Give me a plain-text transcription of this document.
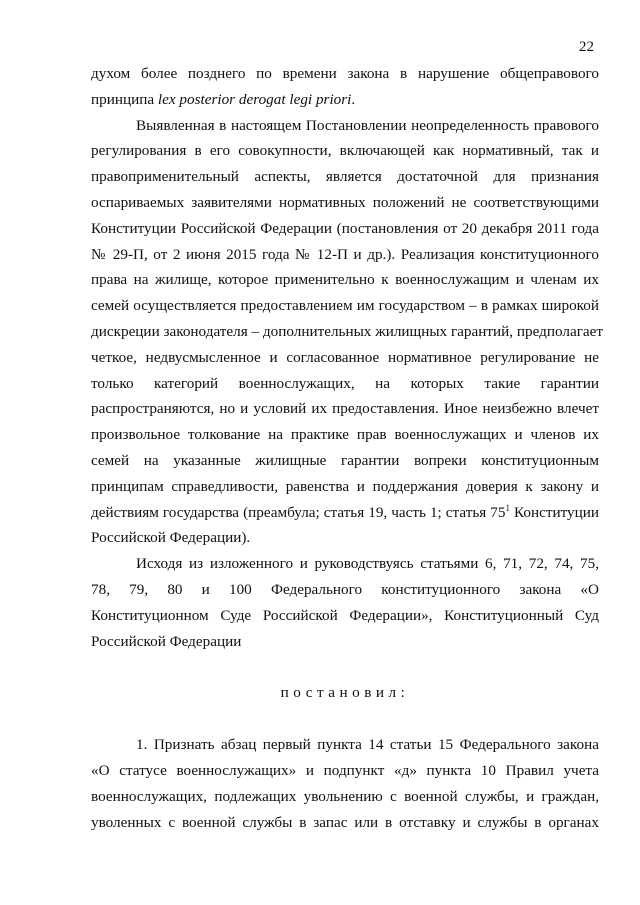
22
духом более позднего по времени закона в нарушение общеправового
принципа lex posterior derogat legi priori.
Выявленная в настоящем Постановлении неопределенность правового
регулирования в его совокупности, включающей как нормативный, так и
правоприменительный аспекты, является достаточной для признания
оспариваемых заявителями нормативных положений не соответствующими
Конституции Российской Федерации (постановления от 20 декабря 2011 года
№ 29-П, от 2 июня 2015 года № 12-П и др.). Реализация конституционного
права на жилище, которое применительно к военнослужащим и членам их
семей осуществляется предоставлением им государством – в рамках широкой
дискреции законодателя – дополнительных жилищных гарантий, предполагает
четкое, недвусмысленное и согласованное нормативное регулирование не
только категорий военнослужащих, на которых такие гарантии
распространяются, но и условий их предоставления. Иное неизбежно влечет
произвольное толкование на практике прав военнослужащих и членов их
семей на указанные жилищные гарантии вопреки конституционным
принципам справедливости, равенства и поддержания доверия к закону и
действиям государства (преамбула; статья 19, часть 1; статья $75^1$ Конституции
Российской Федерации).
Исходя из изложенного и руководствуясь статьями 6, 71, 72, 74, 75,
78, 79, 80 и 100 Федерального конституционного закона «О
Конституционном Суде Российской Федерации», Конституционный Суд
Российской Федерации
постановил:
1. Признать абзац первый пункта 14 статьи 15 Федерального закона
«О статусе военнослужащих» и подпункт «д» пункта 10 Правил учета
военнослужащих, подлежащих увольнению с военной службы, и граждан,
уволенных с военной службы в запас или в отставку и службы в органах
